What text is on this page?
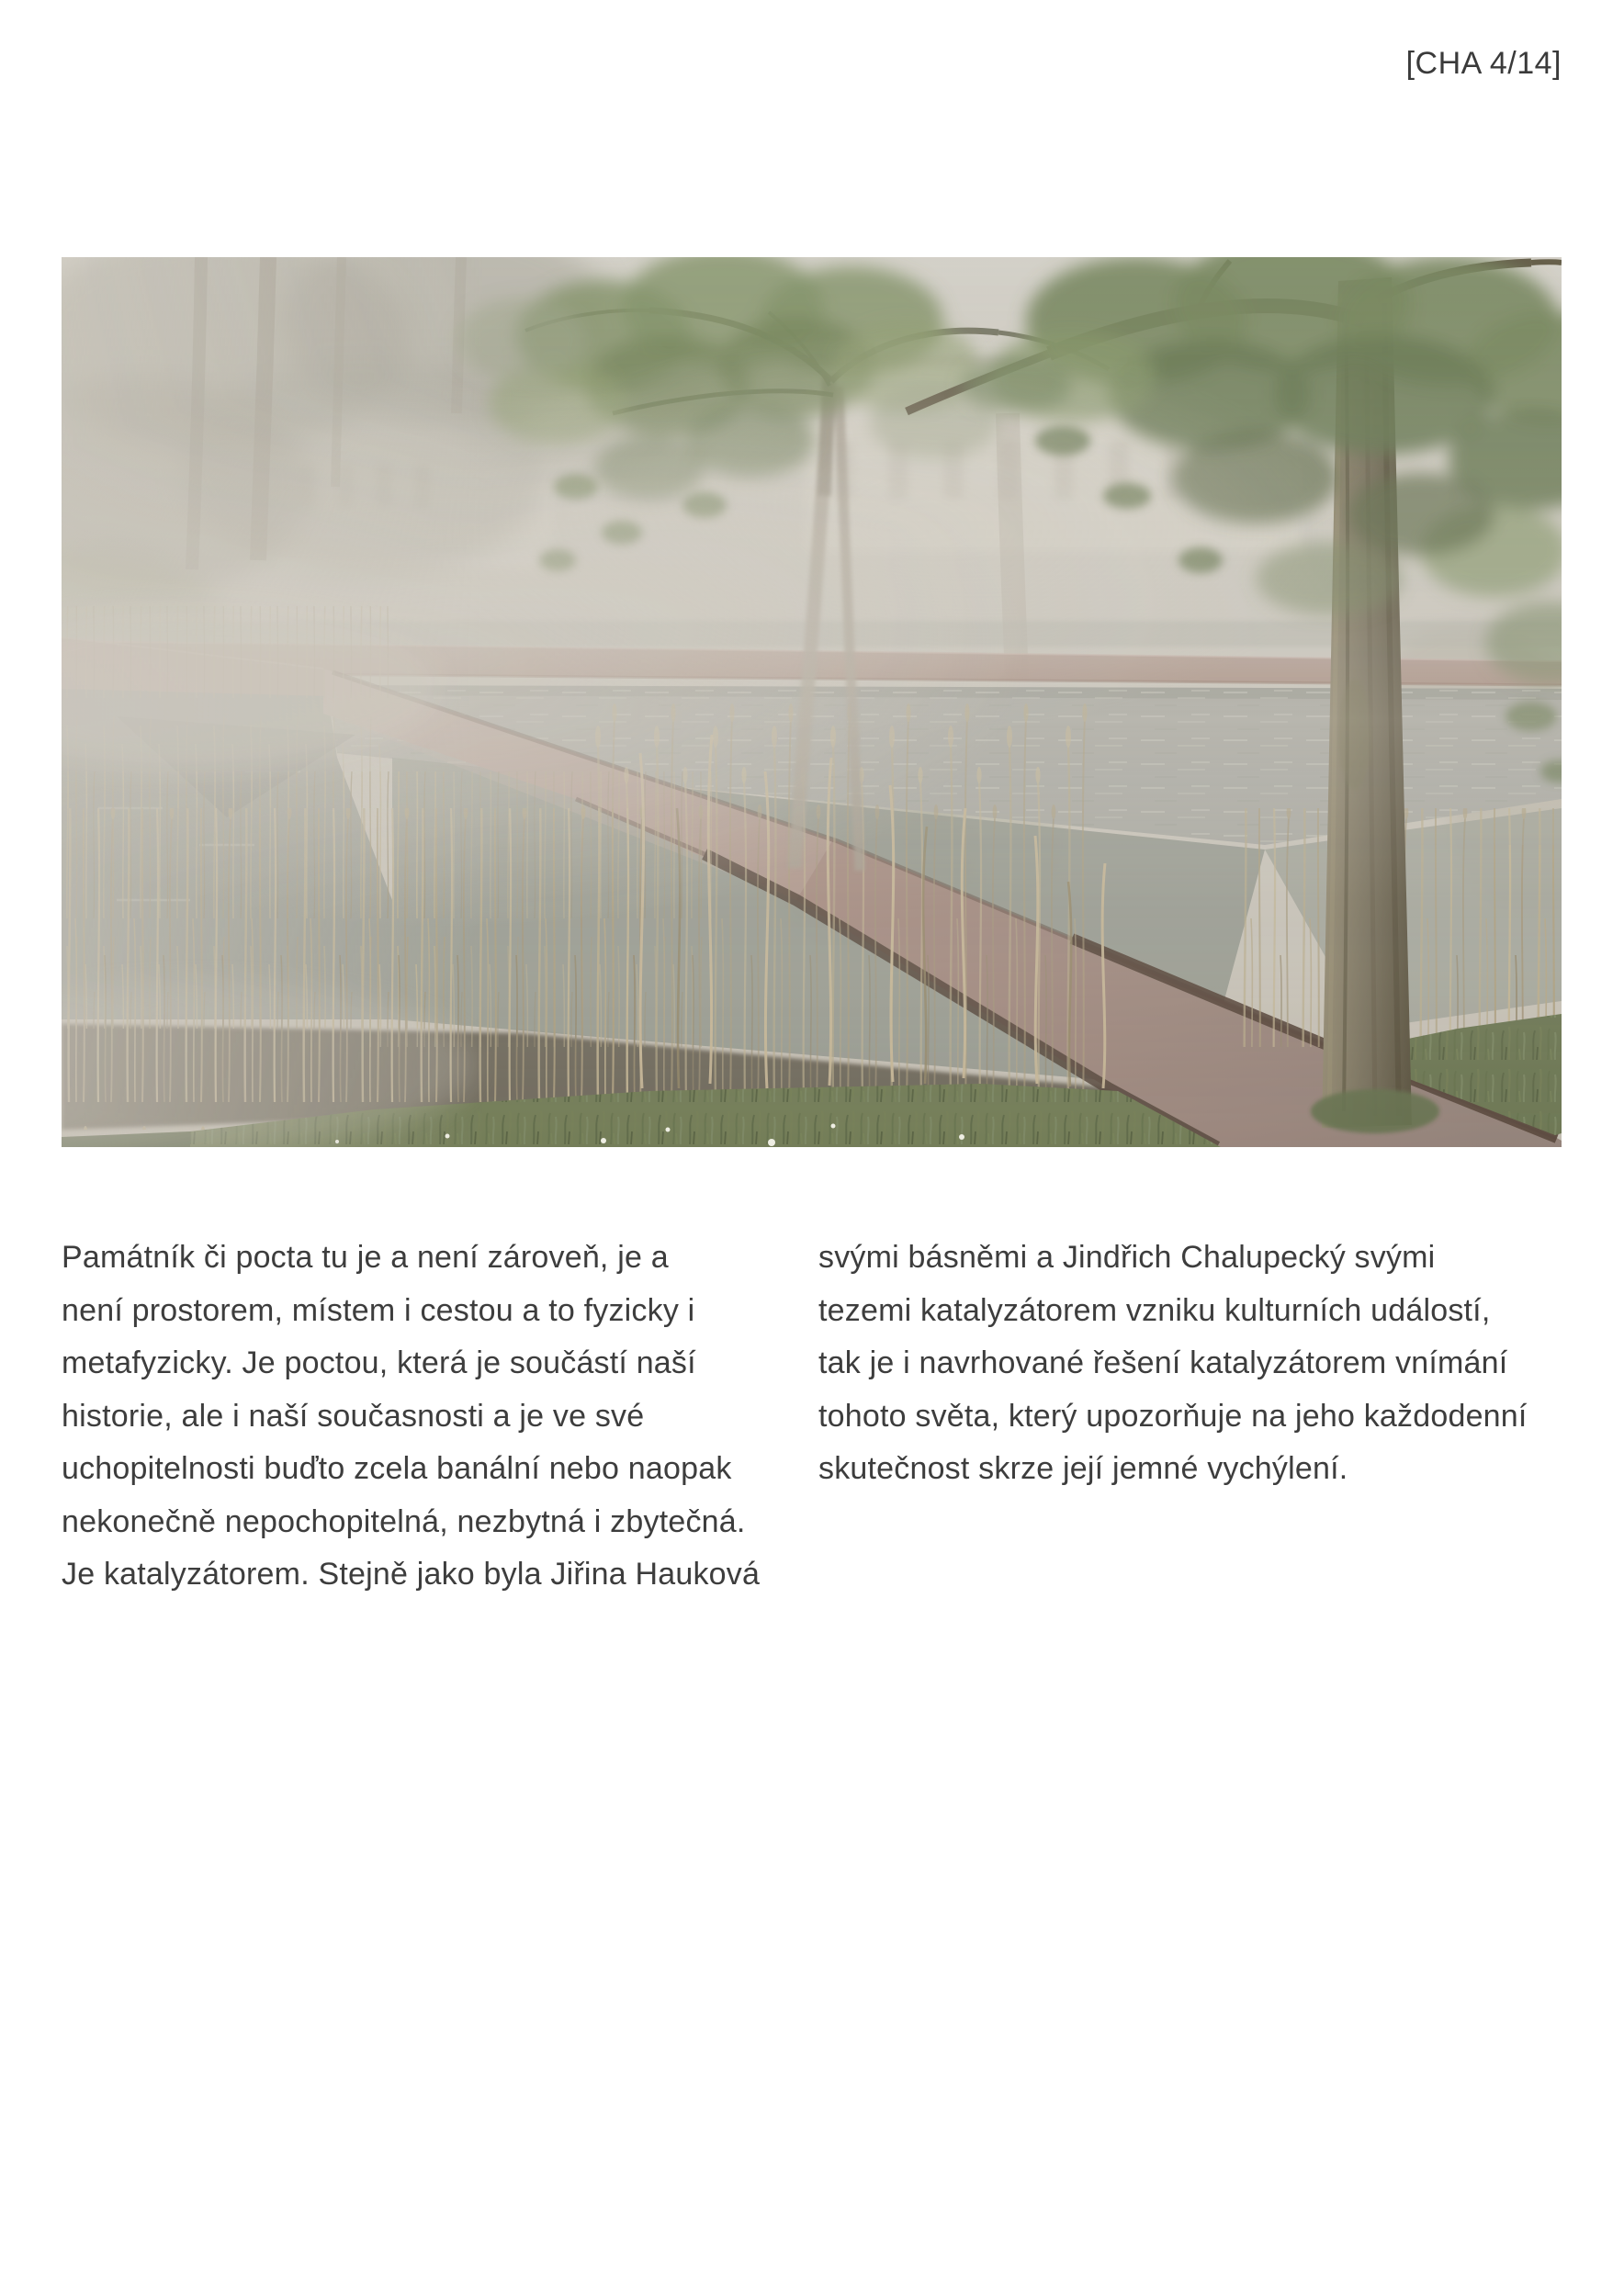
[CHA 4/14]
Památník či pocta tu je a není zároveň, je a
není prostorem, místem i cestou a to fyzicky i
metafyzicky. Je poctou, která je součástí naší
historie, ale i naší současnosti a je ve své
uchopitelnosti buďto zcela banální nebo naopak
nekonečně nepochopitelná, nezbytná i zbytečná.
Je katalyzátorem. Stejně jako byla Jiřina Hauková
svými básněmi a Jindřich Chalupecký svými
tezemi katalyzátorem vzniku kulturních událostí,
tak je i navrhované řešení katalyzátorem vnímání
tohoto světa, který upozorňuje na jeho každodenní
skutečnost skrze její jemné vychýlení.
